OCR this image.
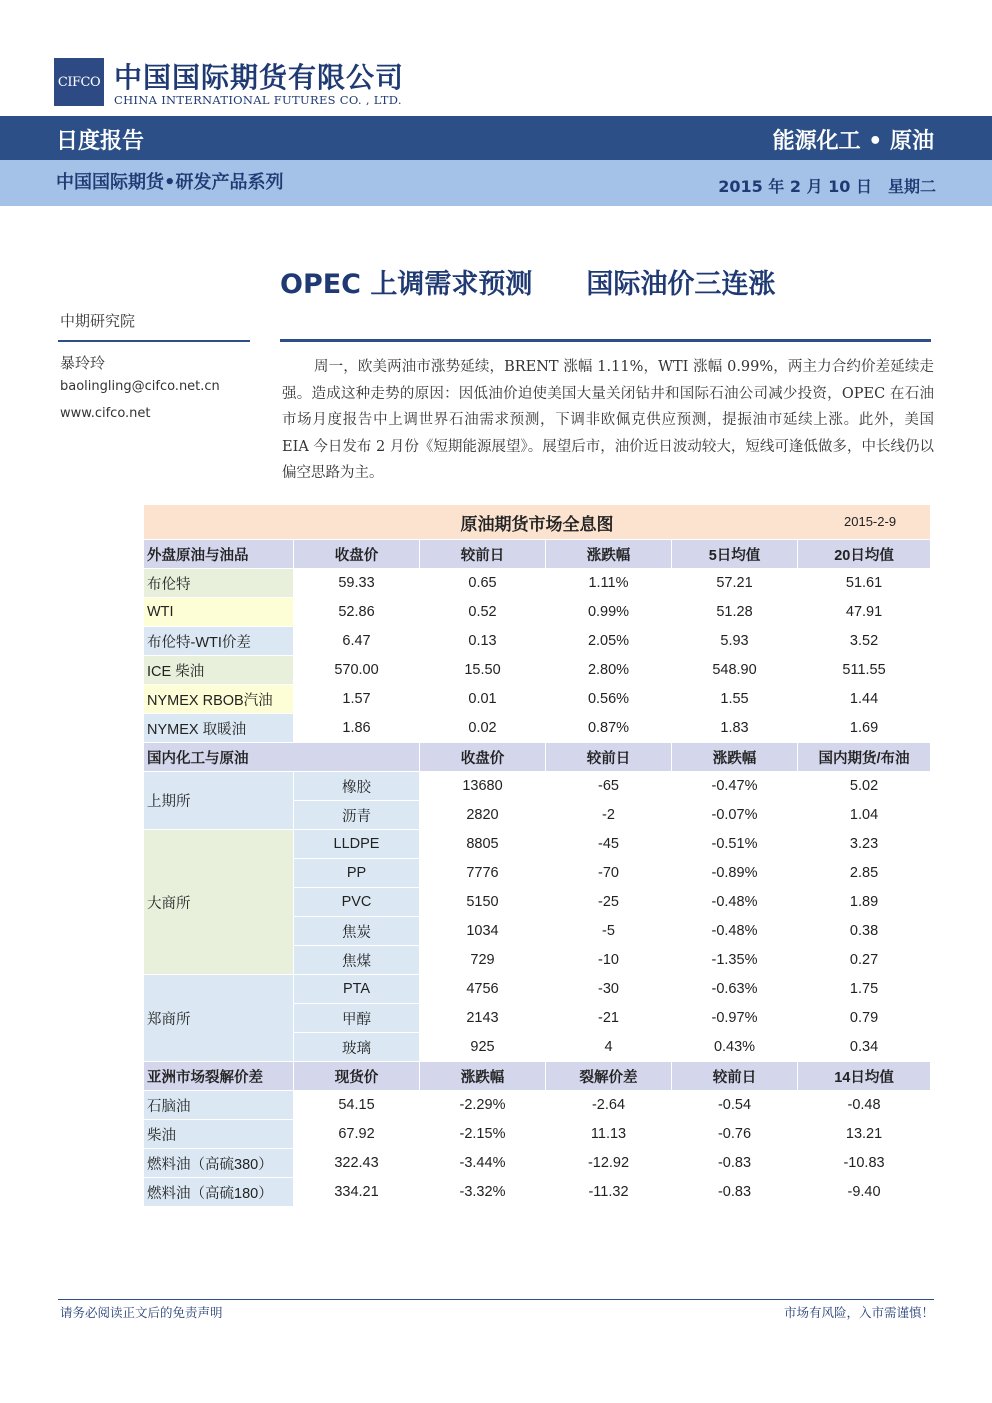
CIFCO 中国国际期货有限公司
CHINA INTERNATIONAL FUTURES CO. , LTD.
日度报告	能源化工 • 原油
中国国际期货•研发产品系列	2015 年 2 月 10 日　星期二
OPEC 上调需求预测　　国际油价三连涨
中期研究院
暴玲玲
baolingling@cifco.net.cn
www.cifco.net
周一，欧美两油市涨势延续，BRENT 涨幅 1.11%，WTI 涨幅 0.99%，两主力合约价差延续走强。造成这种走势的原因：因低油价迫使美国大量关闭钻井和国际石油公司减少投资，OPEC 在石油市场月度报告中上调世界石油需求预测，下调非欧佩克供应预测，提振油市延续上涨。此外，美国 EIA 今日发布 2 月份《短期能源展望》。展望后市，油价近日波动较大，短线可逢低做多，中长线仍以偏空思路为主。
原油期货市场全息图 2015-2-9					

外盘原油与油品	收盘价	较前日	涨跌幅	5日均值	20日均值
布伦特	59.33	0.65	1.11%	57.21	51.61
WTI	52.86	0.52	0.99%	51.28	47.91
布伦特-WTI价差	6.47	0.13	2.05%	5.93	3.52
ICE 柴油	570.00	15.50	2.80%	548.90	511.55
NYMEX RBOB汽油	1.57	0.01	0.56%	1.55	1.44
NYMEX 取暖油	1.86	0.02	0.87%	1.83	1.69
国内化工与原油		收盘价	较前日	涨跌幅	国内期货/布油
上期所	橡胶	13680	-65	-0.47%	5.02
	沥青	2820	-2	-0.07%	1.04
大商所	LLDPE	8805	-45	-0.51%	3.23
	PP	7776	-70	-0.89%	2.85
	PVC	5150	-25	-0.48%	1.89
	焦炭	1034	-5	-0.48%	0.38
	焦煤	729	-10	-1.35%	0.27
郑商所	PTA	4756	-30	-0.63%	1.75
	甲醇	2143	-21	-0.97%	0.79
	玻璃	925	4	0.43%	0.34
亚洲市场裂解价差	现货价	涨跌幅	裂解价差	较前日	14日均值
石脑油	54.15	-2.29%	-2.64	-0.54	-0.48
柴油	67.92	-2.15%	11.13	-0.76	13.21
燃料油（高硫380）	322.43	-3.44%	-12.92	-0.83	-10.83
燃料油（高硫180）	334.21	-3.32%	-11.32	-0.83	-9.40
请务必阅读正文后的免责声明	市场有风险，入市需谨慎！
